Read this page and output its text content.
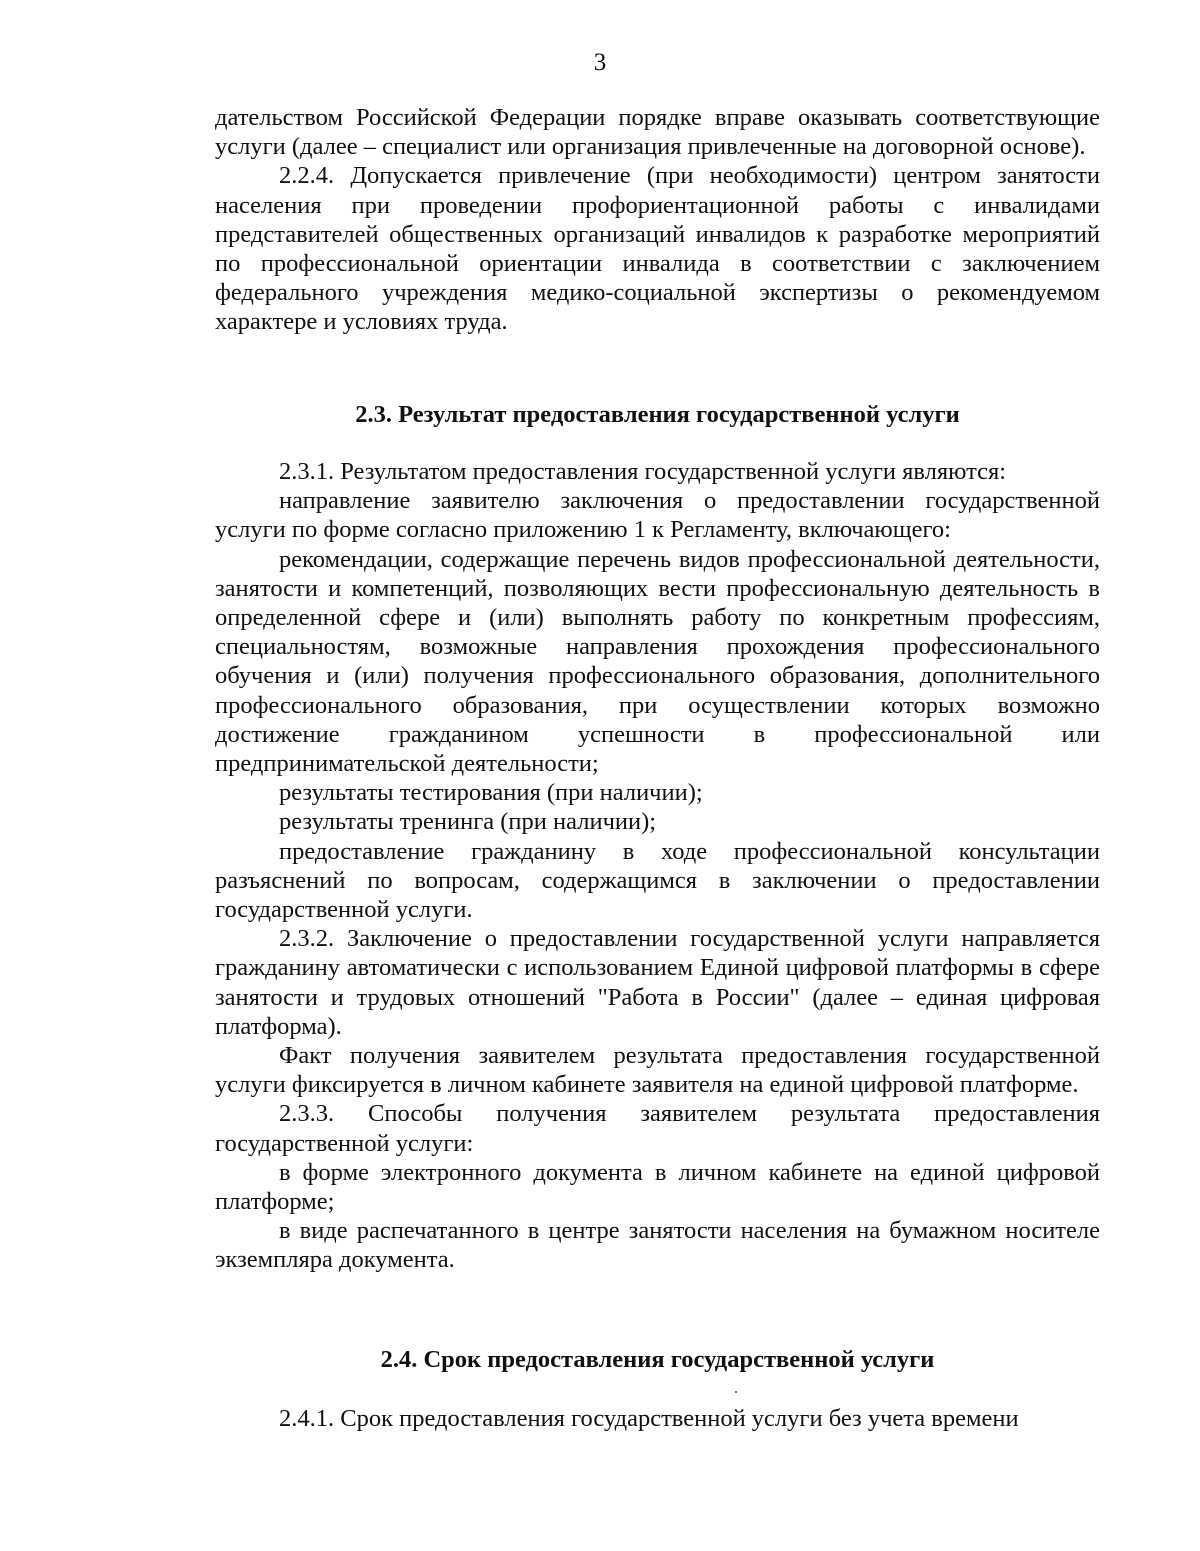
3

дательством Российской Федерации порядке вправе оказывать соответствующие услуги (далее – специалист или организация привлеченные на договорной основе).

2.2.4. Допускается привлечение (при необходимости) центром занятости населения при проведении профориентационной работы с инвалидами представителей общественных организаций инвалидов к разработке мероприятий по профессиональной ориентации инвалида в соответствии с заключением федерального учреждения медико-социальной экспертизы о рекомендуемом характере и условиях труда.

2.3. Результат предоставления государственной услуги

2.3.1. Результатом предоставления государственной услуги являются:

направление заявителю заключения о предоставлении государственной услуги по форме согласно приложению 1 к Регламенту, включающего:

рекомендации, содержащие перечень видов профессиональной деятельности, занятости и компетенций, позволяющих вести профессиональную деятельность в определенной сфере и (или) выполнять работу по конкретным профессиям, специальностям, возможные направления прохождения профессионального обучения и (или) получения профессионального образования, дополнительного профессионального образования, при осуществлении которых возможно достижение гражданином успешности в профессиональной или предпринимательской деятельности;

результаты тестирования (при наличии);

результаты тренинга (при наличии);

предоставление гражданину в ходе профессиональной консультации разъяснений по вопросам, содержащимся в заключении о предоставлении государственной услуги.

2.3.2. Заключение о предоставлении государственной услуги направляется гражданину автоматически с использованием Единой цифровой платформы в сфере занятости и трудовых отношений "Работа в России" (далее – единая цифровая платформа).

Факт получения заявителем результата предоставления государственной услуги фиксируется в личном кабинете заявителя на единой цифровой платформе.

2.3.3. Способы получения заявителем результата предоставления государственной услуги:

в форме электронного документа в личном кабинете на единой цифровой платформе;

в виде распечатанного в центре занятости населения на бумажном носителе экземпляра документа.

2.4. Срок предоставления государственной услуги

2.4.1. Срок предоставления государственной услуги без учета времени
